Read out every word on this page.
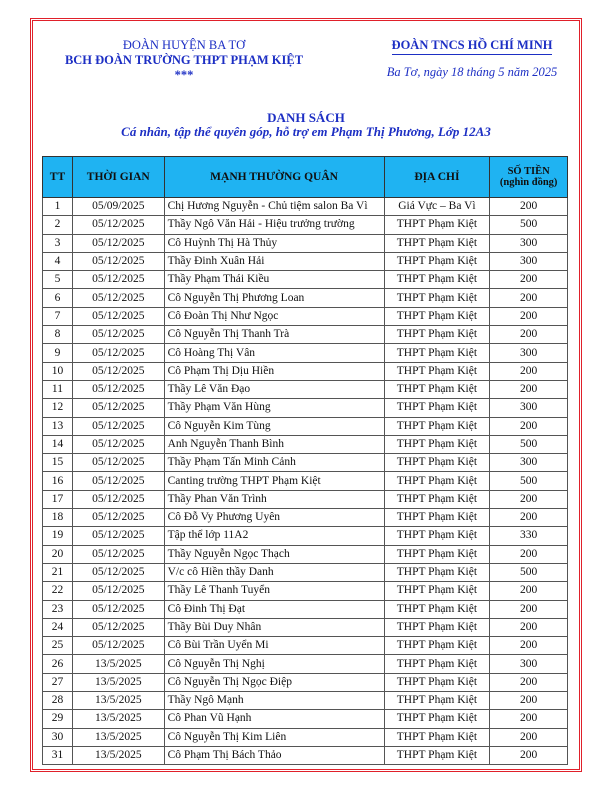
ĐOÀN HUYỆN BA TƠ
BCH ĐOÀN TRƯỜNG THPT PHẠM KIỆT
***
ĐOÀN TNCS HỒ CHÍ MINH
Ba Tơ, ngày 18 tháng 5 năm 2025
DANH SÁCH
Cá nhân, tập thể quyên góp, hỗ trợ em Phạm Thị Phương, Lớp 12A3
TT	THỜI GIAN	MẠNH THƯỜNG QUÂN	ĐỊA CHỈ	SỐ TIỀN (nghìn đồng)
1	05/09/2025	Chị Hương Nguyễn - Chủ tiệm salon Ba Vì	Giá Vực – Ba Vì	200
2	05/12/2025	Thầy Ngô Văn Hải - Hiệu trưởng trường	THPT Phạm Kiệt	500
3	05/12/2025	Cô Huỳnh Thị Hà Thủy	THPT Phạm Kiệt	300
4	05/12/2025	Thầy Đinh Xuân Hải	THPT Phạm Kiệt	300
5	05/12/2025	Thầy Phạm Thái Kiều	THPT Phạm Kiệt	200
6	05/12/2025	Cô Nguyễn Thị Phương Loan	THPT Phạm Kiệt	200
7	05/12/2025	Cô Đoàn Thị Như Ngọc	THPT Phạm Kiệt	200
8	05/12/2025	Cô Nguyễn Thị Thanh Trà	THPT Phạm Kiệt	200
9	05/12/2025	Cô Hoàng Thị Vân	THPT Phạm Kiệt	300
10	05/12/2025	Cô Phạm Thị Dịu Hiền	THPT Phạm Kiệt	200
11	05/12/2025	Thầy Lê Văn Đạo	THPT Phạm Kiệt	200
12	05/12/2025	Thầy Phạm Văn Hùng	THPT Phạm Kiệt	300
13	05/12/2025	Cô Nguyễn Kim Tùng	THPT Phạm Kiệt	200
14	05/12/2025	Anh Nguyễn Thanh Bình	THPT Phạm Kiệt	500
15	05/12/2025	Thầy Phạm Tấn Minh Cảnh	THPT Phạm Kiệt	300
16	05/12/2025	Canting trường THPT Phạm Kiệt	THPT Phạm Kiệt	500
17	05/12/2025	Thầy Phan Văn Trình	THPT Phạm Kiệt	200
18	05/12/2025	Cô Đỗ Vy Phương Uyên	THPT Phạm Kiệt	200
19	05/12/2025	Tập thể lớp 11A2	THPT Phạm Kiệt	330
20	05/12/2025	Thầy Nguyễn Ngọc Thạch	THPT Phạm Kiệt	200
21	05/12/2025	V/c cô Hiền thầy Danh	THPT Phạm Kiệt	500
22	05/12/2025	Thầy Lê Thanh Tuyển	THPT Phạm Kiệt	200
23	05/12/2025	Cô Đinh Thị Đạt	THPT Phạm Kiệt	200
24	05/12/2025	Thầy Bùi Duy Nhân	THPT Phạm Kiệt	200
25	05/12/2025	Cô Bùi Trần Uyển Mi	THPT Phạm Kiệt	200
26	13/5/2025	Cô Nguyễn Thị Nghị	THPT Phạm Kiệt	300
27	13/5/2025	Cô Nguyễn Thị Ngọc Điệp	THPT Phạm Kiệt	200
28	13/5/2025	Thầy Ngô Mạnh	THPT Phạm Kiệt	200
29	13/5/2025	Cô Phan Vũ Hạnh	THPT Phạm Kiệt	200
30	13/5/2025	Cô Nguyễn Thị Kim Liên	THPT Phạm Kiệt	200
31	13/5/2025	Cô Phạm Thị Bách Thảo	THPT Phạm Kiệt	200
